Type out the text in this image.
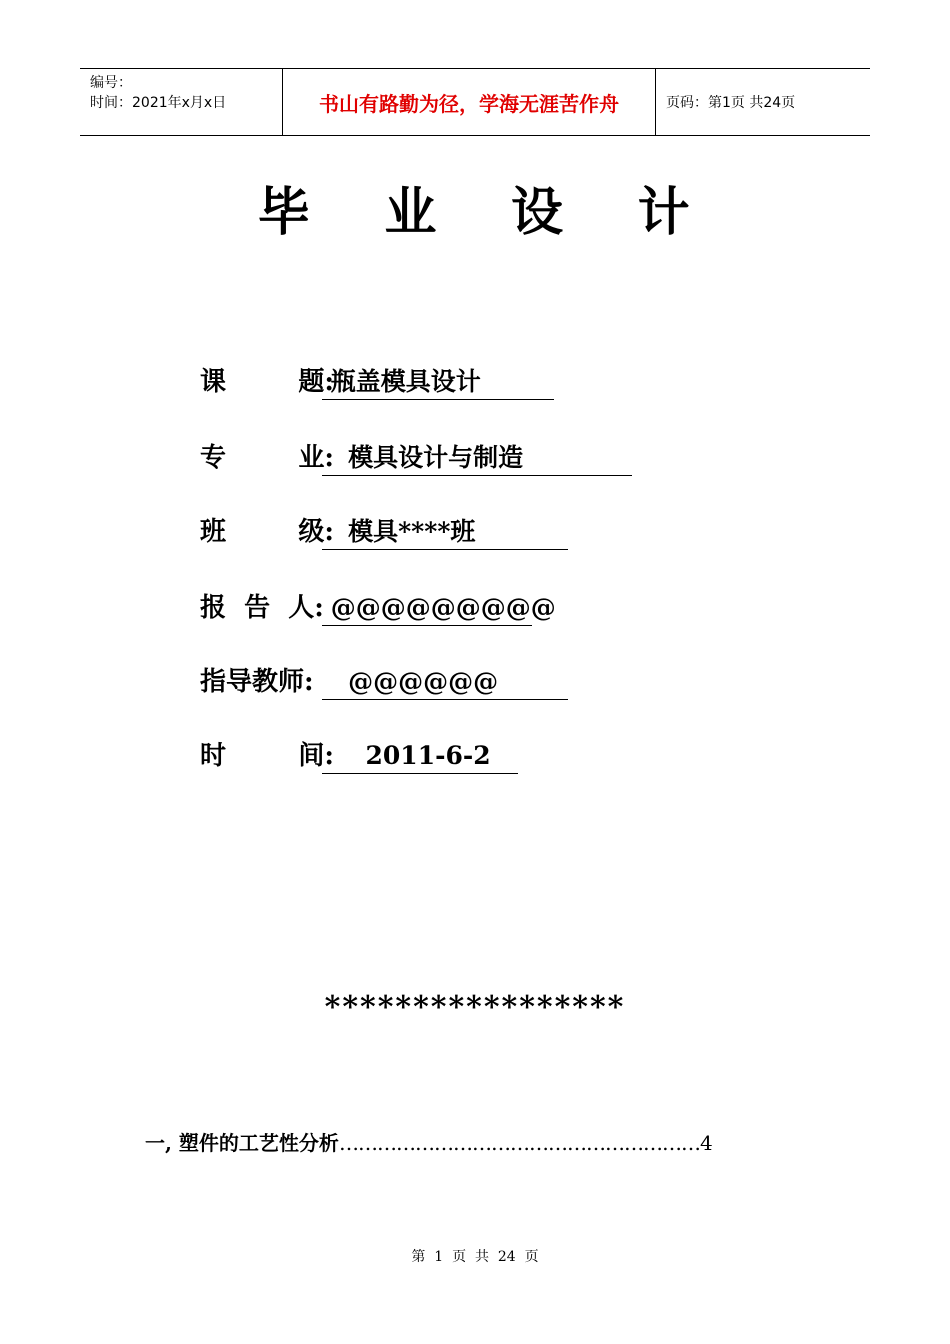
编号：
时间：2021年x月x日	书山有路勤为径，学海无涯苦作舟	页码：第1页 共24页
毕 业 设 计
课        题:
瓶盖模具设计
专        业:
模具设计与制造
班        级:
模具****班
报  告  人:
@@@@@@@@@
指导教师: @@@@@@
时        间:
2011-6-2
*****************
一, 塑件的工艺性分析…………………………………………………4
第  1  页  共  24  页
